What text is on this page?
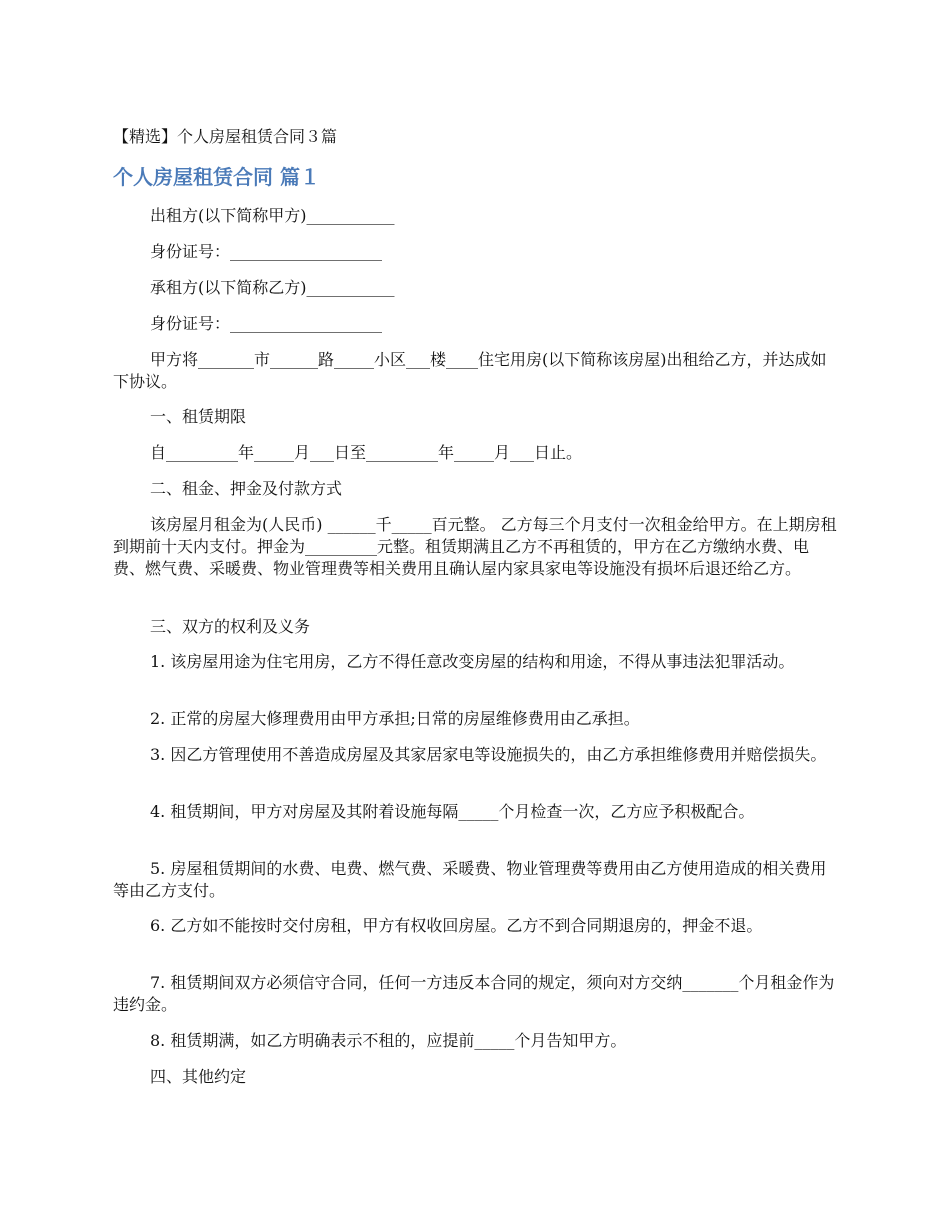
【精选】个人房屋租赁合同３篇
个人房屋租赁合同 篇１

出租方(以下简称甲方)___________

身份证号：___________________

承租方(以下简称乙方)___________

身份证号：___________________

甲方将_______市______路_____小区___楼____住宅用房(以下简称该房屋)出租给乙方，并达成如下协议。

一、租赁期限

自_________年_____月___日至_________年_____月___日止。

二、租金、押金及付款方式

该房屋月租金为(人民币) ______千_____百元整。 乙方每三个月支付一次租金给甲方。在上期房租到期前十天内支付。押金为_________元整。租赁期满且乙方不再租赁的，甲方在乙方缴纳水费、电费、燃气费、采暖费、物业管理费等相关费用且确认屋内家具家电等设施没有损坏后退还给乙方。

三、双方的权利及义务

1. 该房屋用途为住宅用房，乙方不得任意改变房屋的结构和用途，不得从事违法犯罪活动。

2. 正常的房屋大修理费用由甲方承担;日常的房屋维修费用由乙承担。

3. 因乙方管理使用不善造成房屋及其家居家电等设施损失的，由乙方承担维修费用并赔偿损失。

4. 租赁期间，甲方对房屋及其附着设施每隔_____个月检查一次，乙方应予积极配合。

5. 房屋租赁期间的水费、电费、燃气费、采暖费、物业管理费等费用由乙方使用造成的相关费用等由乙方支付。

6. 乙方如不能按时交付房租，甲方有权收回房屋。乙方不到合同期退房的，押金不退。

7. 租赁期间双方必须信守合同，任何一方违反本合同的规定，须向对方交纳_______个月租金作为违约金。

8. 租赁期满，如乙方明确表示不租的，应提前_____个月告知甲方。

四、其他约定
